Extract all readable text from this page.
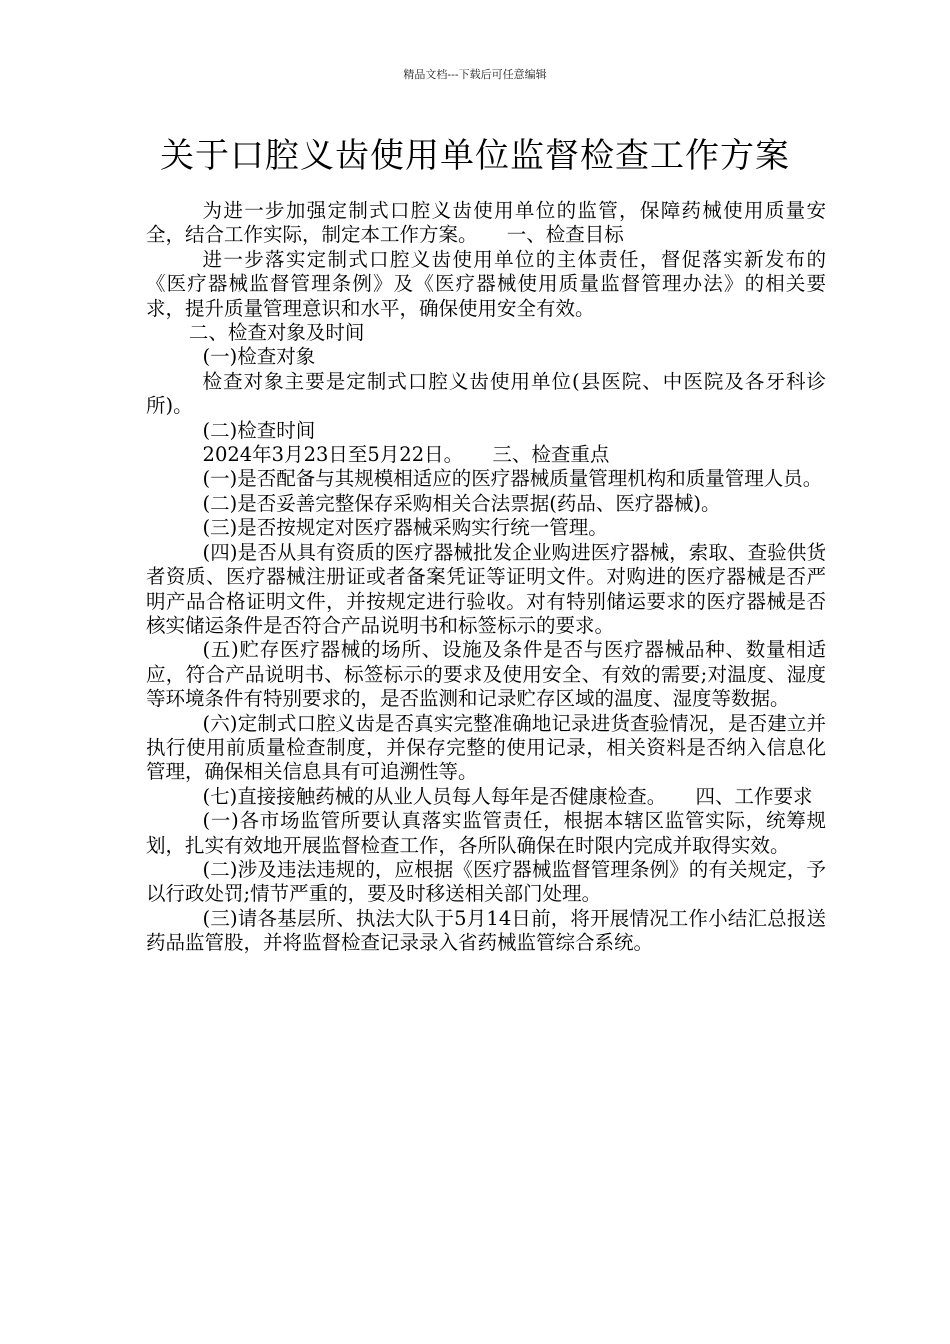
精品文档---下载后可任意编辑
关于口腔义齿使用单位监督检查工作方案

为进一步加强定制式口腔义齿使用单位的监管，保障药械使用质量安全，结合工作实际，制定本工作方案。　　一、检查目标

进一步落实定制式口腔义齿使用单位的主体责任，督促落实新发布的《医疗器械监督管理条例》及《医疗器械使用质量监督管理办法》的相关要求，提升质量管理意识和水平，确保使用安全有效。

二、检查对象及时间

(一)检查对象

检查对象主要是定制式口腔义齿使用单位(县医院、中医院及各牙科诊所)。

(二)检查时间

2024年3月23日至5月22日。　　三、检查重点

(一)是否配备与其规模相适应的医疗器械质量管理机构和质量管理人员。

(二)是否妥善完整保存采购相关合法票据(药品、医疗器械)。

(三)是否按规定对医疗器械采购实行统一管理。

(四)是否从具有资质的医疗器械批发企业购进医疗器械，索取、查验供货者资质、医疗器械注册证或者备案凭证等证明文件。对购进的医疗器械是否严明产品合格证明文件，并按规定进行验收。对有特别储运要求的医疗器械是否核实储运条件是否符合产品说明书和标签标示的要求。

(五)贮存医疗器械的场所、设施及条件是否与医疗器械品种、数量相适应，符合产品说明书、标签标示的要求及使用安全、有效的需要;对温度、湿度等环境条件有特别要求的，是否监测和记录贮存区域的温度、湿度等数据。

(六)定制式口腔义齿是否真实完整准确地记录进货查验情况，是否建立并执行使用前质量检查制度，并保存完整的使用记录，相关资料是否纳入信息化管理，确保相关信息具有可追溯性等。

(七)直接接触药械的从业人员每人每年是否健康检查。　　四、工作要求

(一)各市场监管所要认真落实监管责任，根据本辖区监管实际，统筹规划，扎实有效地开展监督检查工作，各所队确保在时限内完成并取得实效。

(二)涉及违法违规的，应根据《医疗器械监督管理条例》的有关规定，予以行政处罚;情节严重的，要及时移送相关部门处理。

(三)请各基层所、执法大队于5月14日前，将开展情况工作小结汇总报送药品监管股，并将监督检查记录录入省药械监管综合系统。
